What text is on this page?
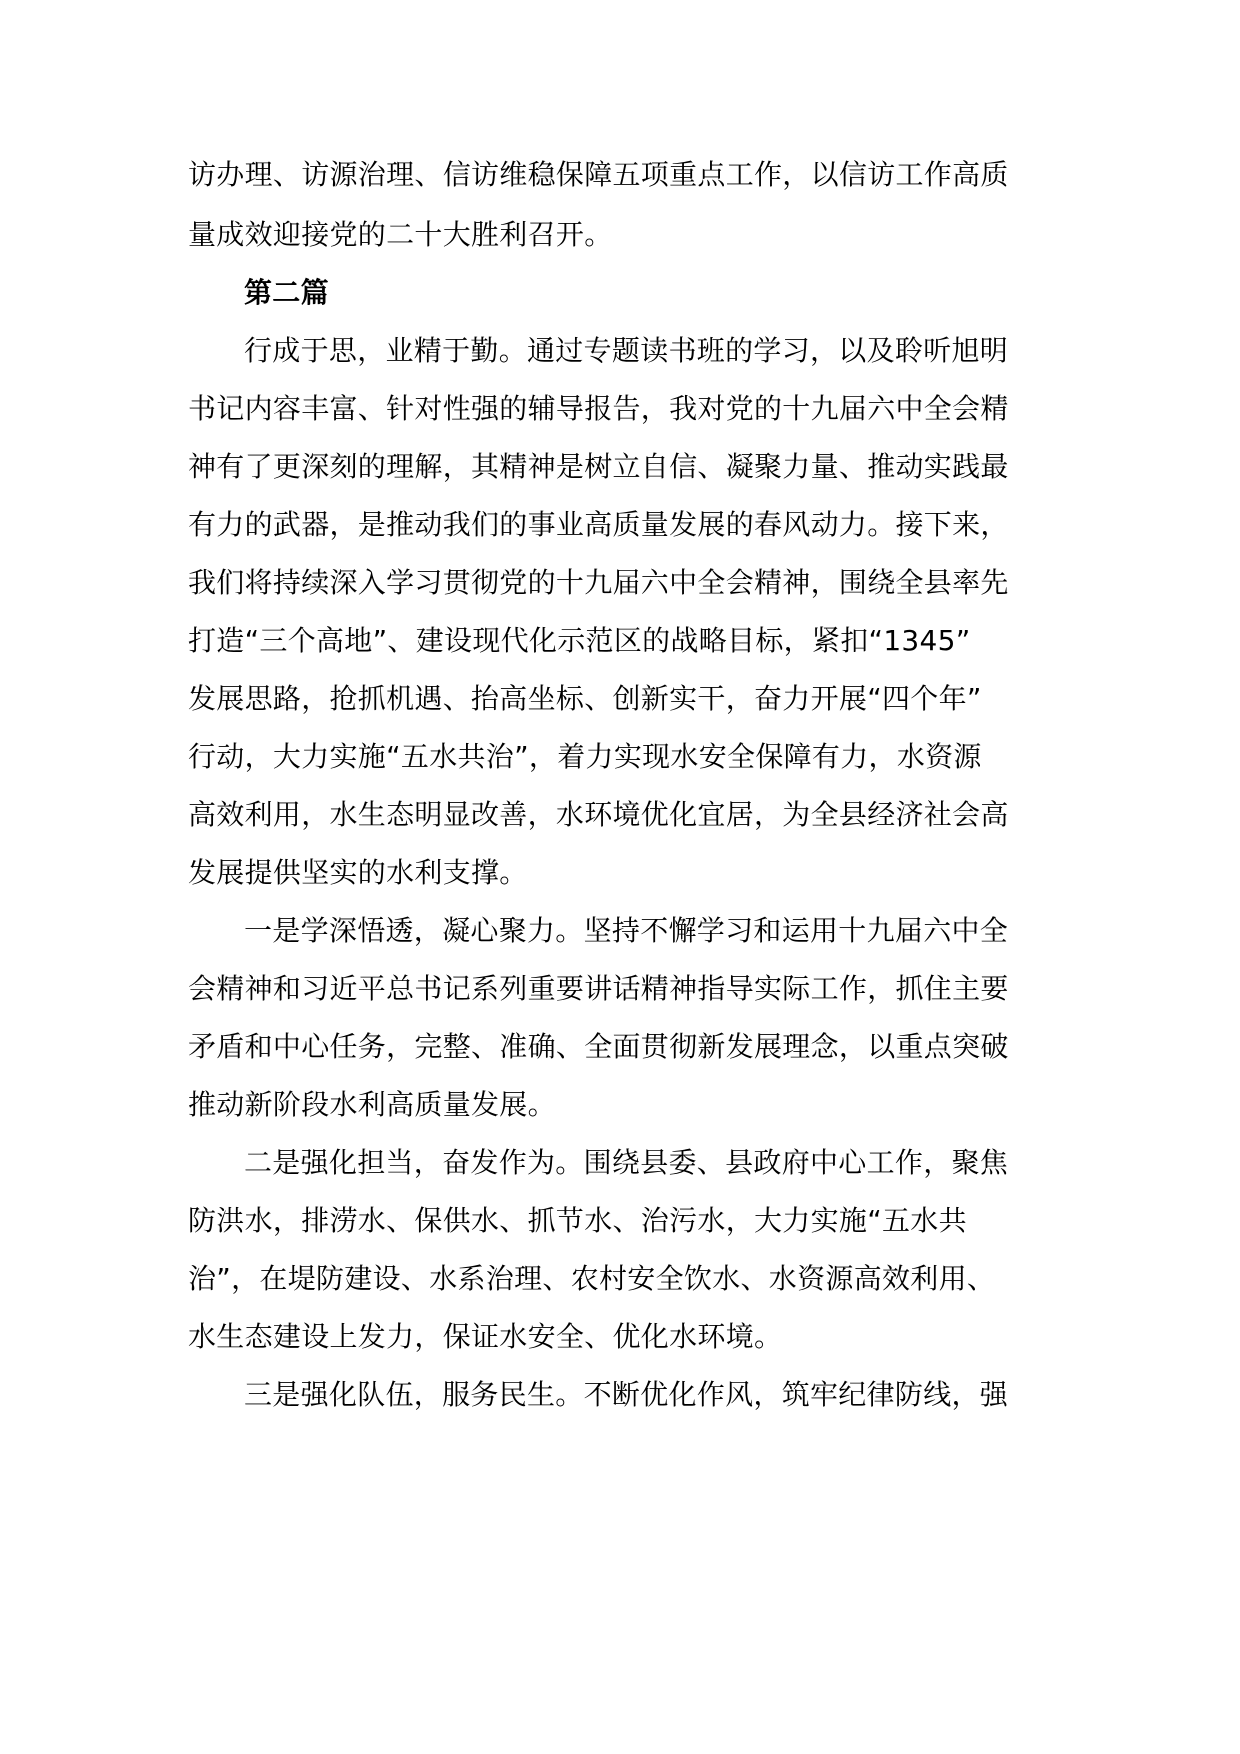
访办理、访源治理、信访维稳保障五项重点工作，以信访工作高质
量成效迎接党的二十大胜利召开。
第二篇
行成于思，业精于勤。通过专题读书班的学习，以及聆听旭明
书记内容丰富、针对性强的辅导报告，我对党的十九届六中全会精
神有了更深刻的理解，其精神是树立自信、凝聚力量、推动实践最
有力的武器，是推动我们的事业高质量发展的春风动力。接下来，
我们将持续深入学习贯彻党的十九届六中全会精神，围绕全县率先
打造“三个高地”、建设现代化示范区的战略目标，紧扣“1345”
发展思路，抢抓机遇、抬高坐标、创新实干，奋力开展“四个年”
行动，大力实施“五水共治”，着力实现水安全保障有力，水资源
高效利用，水生态明显改善，水环境优化宜居，为全县经济社会高
发展提供坚实的水利支撑。
一是学深悟透，凝心聚力。坚持不懈学习和运用十九届六中全
会精神和习近平总书记系列重要讲话精神指导实际工作，抓住主要
矛盾和中心任务，完整、准确、全面贯彻新发展理念，以重点突破
推动新阶段水利高质量发展。
二是强化担当，奋发作为。围绕县委、县政府中心工作，聚焦
防洪水，排涝水、保供水、抓节水、治污水，大力实施“五水共
治”，在堤防建设、水系治理、农村安全饮水、水资源高效利用、
水生态建设上发力，保证水安全、优化水环境。
三是强化队伍，服务民生。不断优化作风，筑牢纪律防线，强
